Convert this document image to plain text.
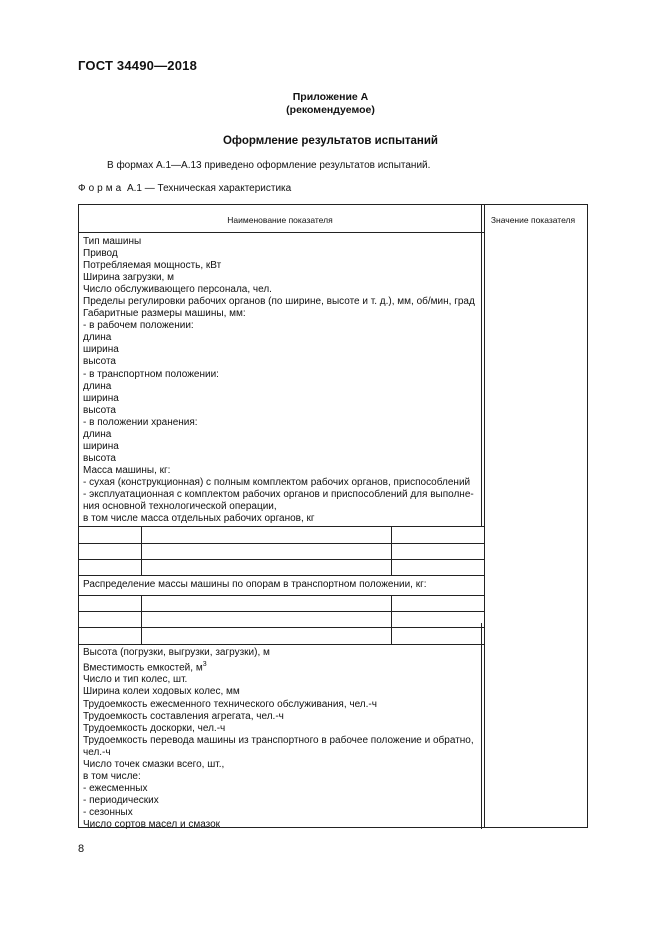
ГОСТ 34490—2018
Приложение А
(рекомендуемое)
Оформление результатов испытаний
В формах А.1—А.13 приведено оформление результатов испытаний.
Форма А.1 — Техническая характеристика
Наименование показателя	Значение показателя
Тип машины
Привод
Потребляемая мощность, кВт
Ширина загрузки, м
Число обслуживающего персонала, чел.
Пределы регулировки рабочих органов (по ширине, высоте и т. д.), мм, об/мин, град
Габаритные размеры машины, мм:
- в рабочем положении:
длина
ширина
высота
- в транспортном положении:
длина
ширина
высота
- в положении хранения:
длина
ширина
высота
Масса машины, кг:
- сухая (конструкционная) с полным комплектом рабочих органов, приспособлений
- эксплуатационная с комплектом рабочих органов и приспособлений для выполне-
ния основной технологической операции,
в том числе масса отдельных рабочих органов, кг
Распределение массы машины по опорам в транспортном положении, кг:
Высота (погрузки, выгрузки, загрузки), м
Вместимость емкостей, $м^3$
Число и тип колес, шт.
Ширина колеи ходовых колес, мм
Трудоемкость ежесменного технического обслуживания, чел.-ч
Трудоемкость составления агрегата, чел.-ч
Трудоемкость доскорки, чел.-ч
Трудоемкость перевода машины из транспортного в рабочее положение и обратно,
чел.-ч
Число точек смазки всего, шт.,
в том числе:
- ежесменных
- периодических
- сезонных
Число сортов масел и смазок
8
